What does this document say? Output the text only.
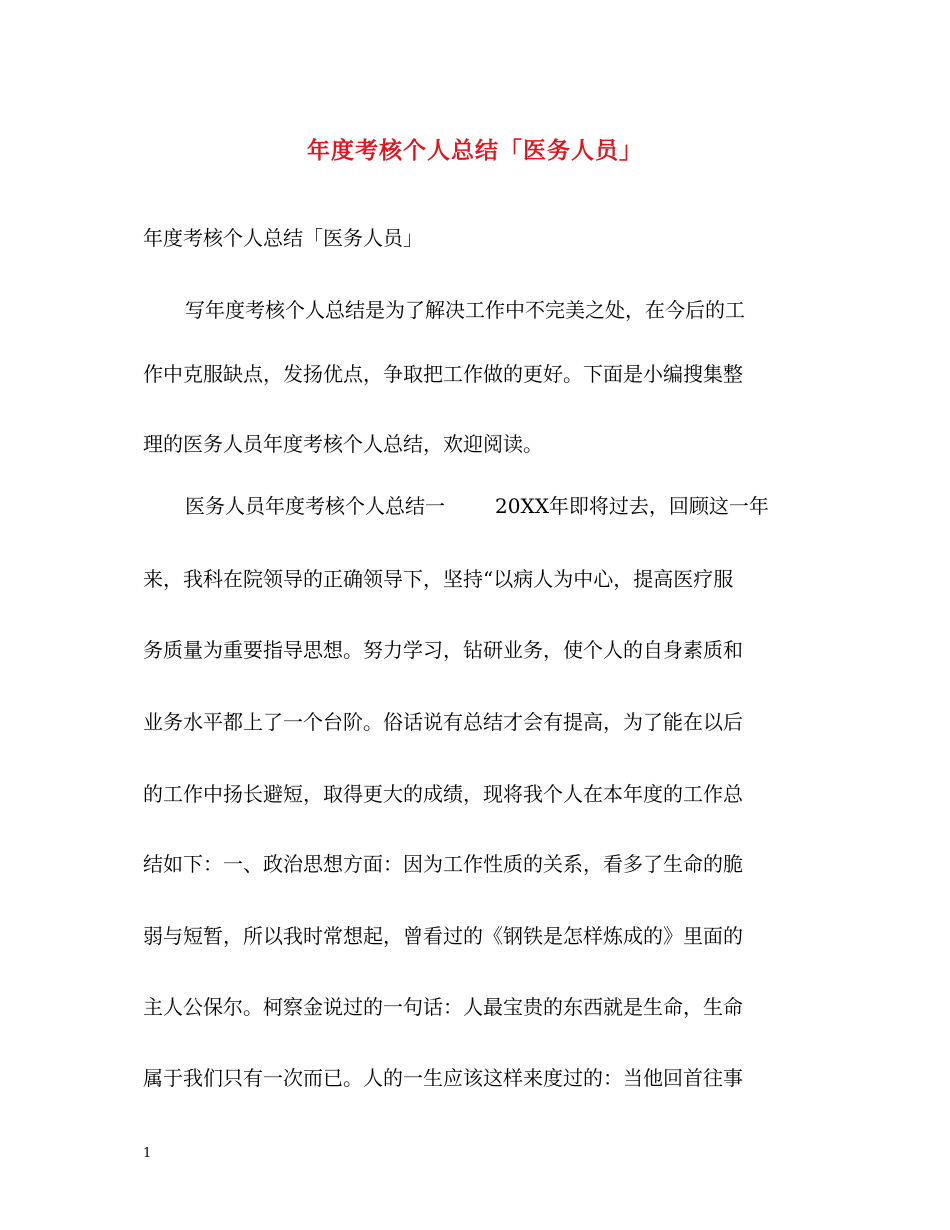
年度考核个人总结「医务人员」
年度考核个人总结「医务人员」
写年度考核个人总结是为了解决工作中不完美之处，在今后的工
作中克服缺点，发扬优点，争取把工作做的更好。下面是小编搜集整
理的医务人员年度考核个人总结，欢迎阅读。
医务人员年度考核个人总结一	20XX年即将过去，回顾这一年
来，我科在院领导的正确领导下，坚持“以病人为中心，提高医疗服
务质量为重要指导思想。努力学习，钻研业务，使个人的自身素质和
业务水平都上了一个台阶。俗话说有总结才会有提高，为了能在以后
的工作中扬长避短，取得更大的成绩，现将我个人在本年度的工作总
结如下：一、政治思想方面：因为工作性质的关系，看多了生命的脆
弱与短暂，所以我时常想起，曾看过的《钢铁是怎样炼成的》里面的
主人公保尔。柯察金说过的一句话：人最宝贵的东西就是生命，生命
属于我们只有一次而已。人的一生应该这样来度过的：当他回首往事
1
